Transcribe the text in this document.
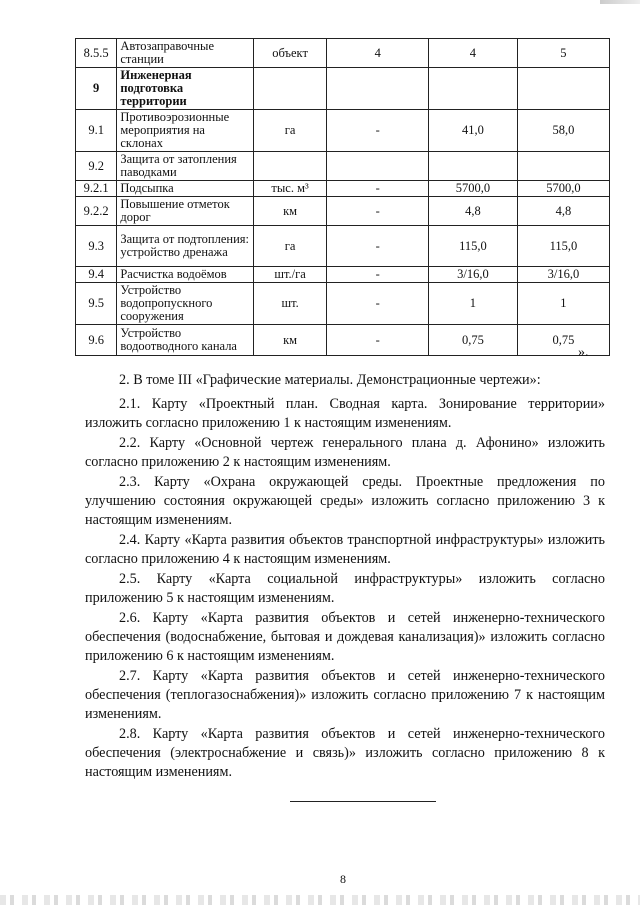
8.5.5	Автозаправочные станции	объект	4	4	5
9	Инженерная подготовка территории				
9.1	Противоэрозионные мероприятия на склонах	га	-	41,0	58,0
9.2	Защита от затопления паводками				
9.2.1	Подсыпка	тыс. м³	-	5700,0	5700,0
9.2.2	Повышение отметок дорог	км	-	4,8	4,8
9.3	Защита от подтопления: устройство дренажа	га	-	115,0	115,0
9.4	Расчистка водоёмов	шт./га	-	3/16,0	3/16,0
9.5	Устройство водопропускного сооружения	шт.	-	1	1
9.6	Устройство водоотводного канала	км	-	0,75	0,75
».

2. В томе III «Графические материалы. Демонстрационные чертежи»:

2.1. Карту «Проектный план. Сводная карта. Зонирование территории» изложить согласно приложению 1 к настоящим изменениям.

2.2. Карту «Основной чертеж генерального плана д. Афонино» изложить согласно приложению 2 к настоящим изменениям.

2.3. Карту «Охрана окружающей среды. Проектные предложения по улучшению состояния окружающей среды» изложить согласно приложению 3 к настоящим изменениям.

2.4. Карту «Карта развития объектов транспортной инфраструктуры» изложить согласно приложению 4 к настоящим изменениям.

2.5. Карту «Карта социальной инфраструктуры» изложить согласно приложению 5 к настоящим изменениям.

2.6. Карту «Карта развития объектов и сетей инженерно-технического обеспечения (водоснабжение, бытовая и дождевая канализация)» изложить согласно приложению 6 к настоящим изменениям.

2.7. Карту «Карта развития объектов и сетей инженерно-технического обеспечения (теплогазоснабжения)» изложить согласно приложению 7 к настоящим изменениям.

2.8. Карту «Карта развития объектов и сетей инженерно-технического обеспечения (электроснабжение и связь)» изложить согласно приложению 8 к настоящим изменениям.

8
